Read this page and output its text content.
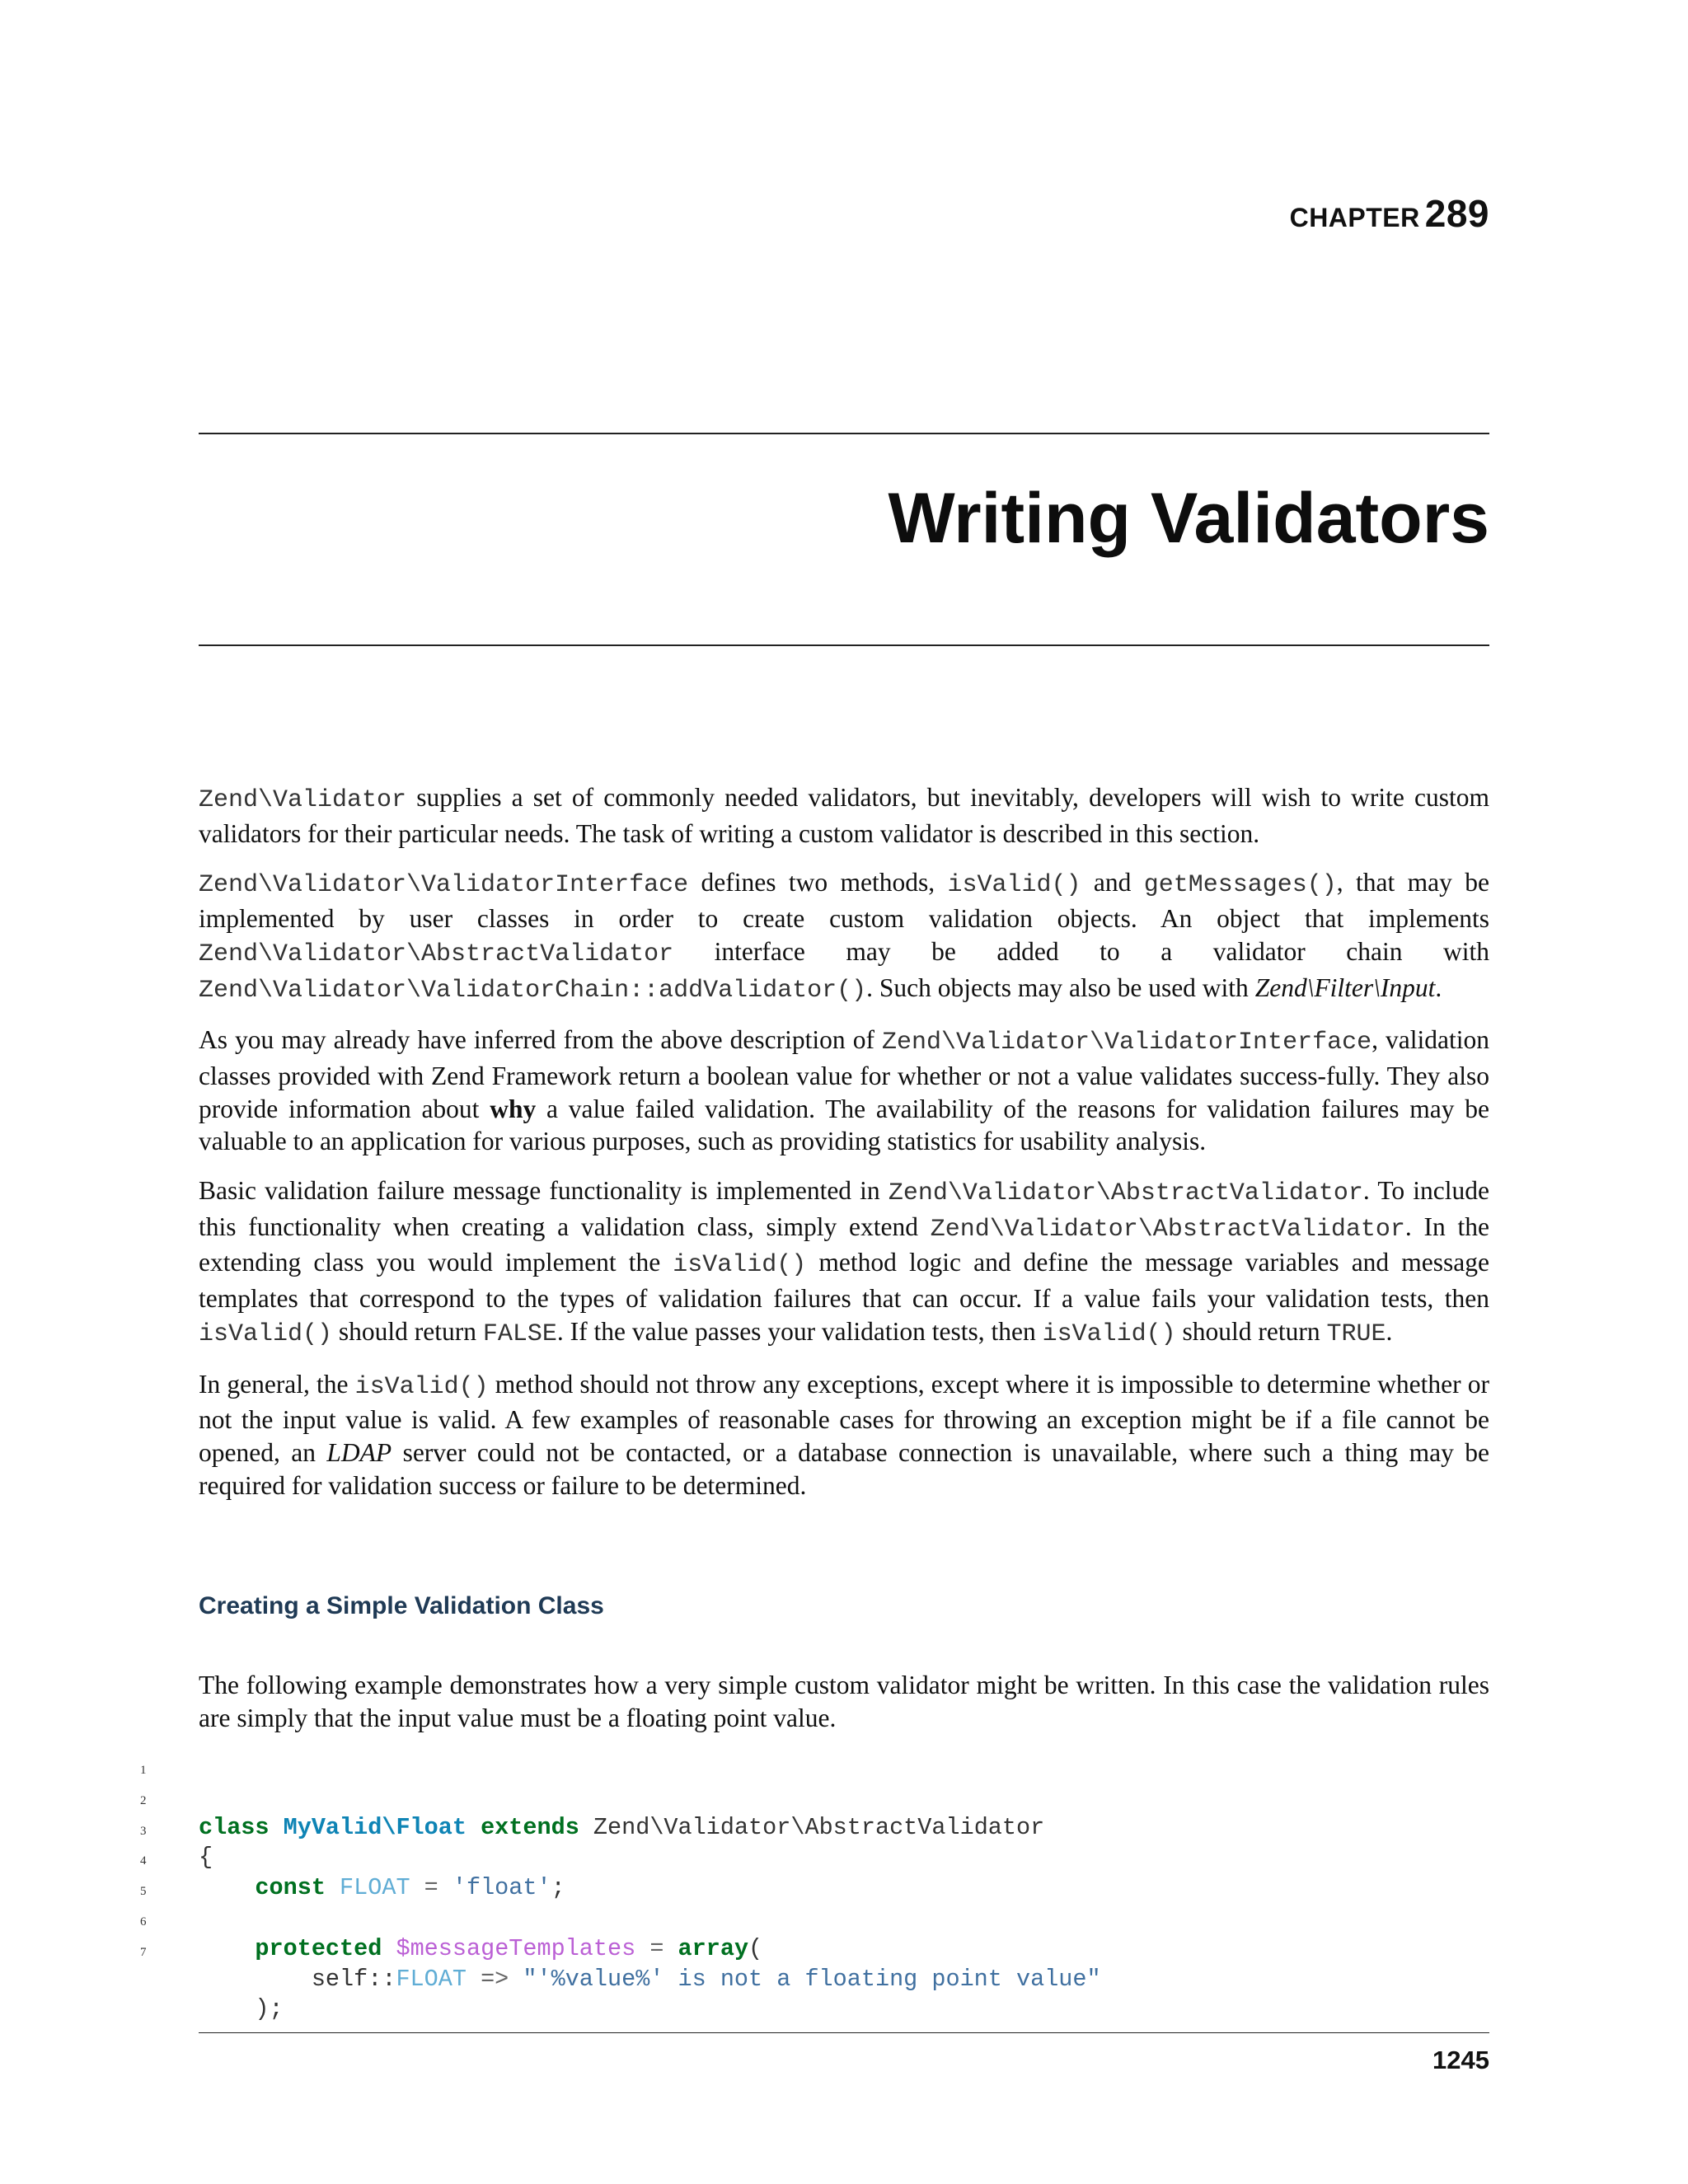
CHAPTER 289
Writing Validators

Zend\Validator supplies a set of commonly needed validators, but inevitably, developers will wish to write custom validators for their particular needs. The task of writing a custom validator is described in this section.

Zend\Validator\ValidatorInterface defines two methods, isValid() and getMessages(), that may be implemented by user classes in order to create custom validation objects. An object that implements Zend\Validator\AbstractValidator interface may be added to a validator chain with Zend\Validator\ValidatorChain::addValidator(). Such objects may also be used with Zend\Filter\Input.

As you may already have inferred from the above description of Zend\Validator\ValidatorInterface, validation classes provided with Zend Framework return a boolean value for whether or not a value validates success-fully. They also provide information about why a value failed validation. The availability of the reasons for validation failures may be valuable to an application for various purposes, such as providing statistics for usability analysis.

Basic validation failure message functionality is implemented in Zend\Validator\AbstractValidator. To include this functionality when creating a validation class, simply extend Zend\Validator\AbstractValidator. In the extending class you would implement the isValid() method logic and define the message variables and message templates that correspond to the types of validation failures that can occur. If a value fails your validation tests, then isValid() should return FALSE. If the value passes your validation tests, then isValid() should return TRUE.

In general, the isValid() method should not throw any exceptions, except where it is impossible to determine whether or not the input value is valid. A few examples of reasonable cases for throwing an exception might be if a file cannot be opened, an LDAP server could not be contacted, or a database connection is unavailable, where such a thing may be required for validation success or failure to be determined.

Creating a Simple Validation Class

The following example demonstrates how a very simple custom validator might be written. In this case the validation rules are simply that the input value must be a floating point value.

1

class MyValid\Float extends Zend\Validator\AbstractValidator

2

{

3

const FLOAT = 'float';

4

5

protected $messageTemplates = array(

6

self::FLOAT => "'%value%' is not a floating point value"

7

);

1245
